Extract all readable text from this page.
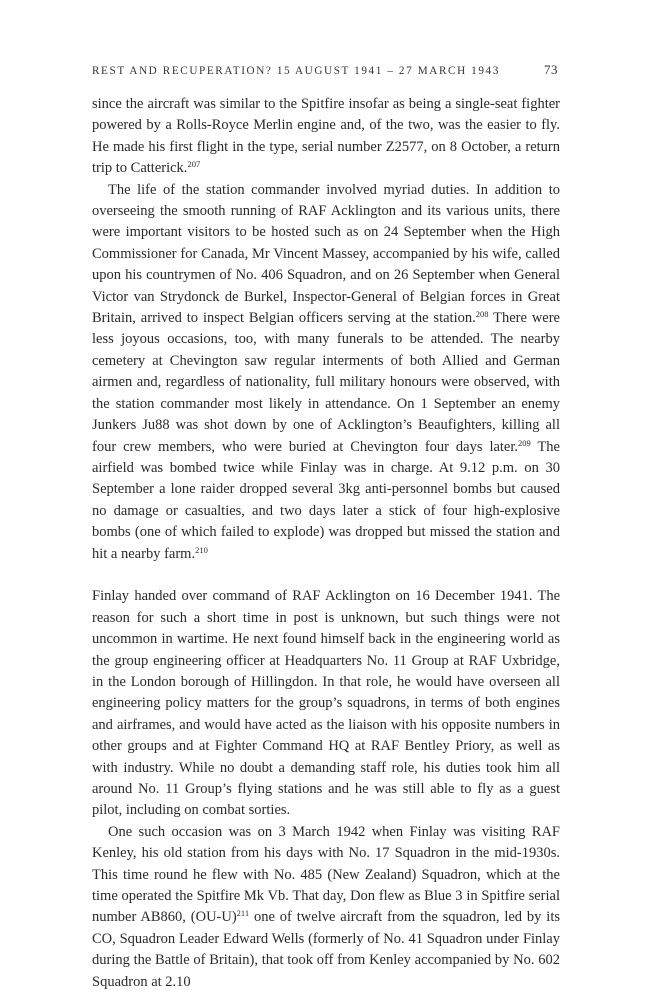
REST AND RECUPERATION? 15 AUGUST 1941 – 27 MARCH 1943	73

since the aircraft was similar to the Spitfire insofar as being a single-seat fighter powered by a Rolls-Royce Merlin engine and, of the two, was the easier to fly. He made his first flight in the type, serial number Z2577, on 8 October, a return trip to Catterick.$^{207}$

The life of the station commander involved myriad duties. In addition to overseeing the smooth running of RAF Acklington and its various units, there were important visitors to be hosted such as on 24 September when the High Commissioner for Canada, Mr Vincent Massey, accompanied by his wife, called upon his countrymen of No. 406 Squadron, and on 26 September when General Victor van Strydonck de Burkel, Inspector-General of Belgian forces in Great Britain, arrived to inspect Belgian officers serving at the station.$^{208}$ There were less joyous occasions, too, with many funerals to be attended. The nearby cemetery at Chevington saw regular interments of both Allied and German airmen and, regardless of nationality, full military honours were observed, with the station commander most likely in attendance. On 1 September an enemy Junkers Ju88 was shot down by one of Acklington’s Beaufighters, killing all four crew members, who were buried at Chevington four days later.$^{209}$ The airfield was bombed twice while Finlay was in charge. At 9.12 p.m. on 30 September a lone raider dropped several 3kg anti-personnel bombs but caused no damage or casualties, and two days later a stick of four high-explosive bombs (one of which failed to explode) was dropped but missed the station and hit a nearby farm.$^{210}$

Finlay handed over command of RAF Acklington on 16 December 1941. The reason for such a short time in post is unknown, but such things were not uncommon in wartime. He next found himself back in the engineering world as the group engineering officer at Headquarters No. 11 Group at RAF Uxbridge, in the London borough of Hillingdon. In that role, he would have overseen all engineering policy matters for the group’s squadrons, in terms of both engines and airframes, and would have acted as the liaison with his opposite numbers in other groups and at Fighter Command HQ at RAF Bentley Priory, as well as with industry. While no doubt a demanding staff role, his duties took him all around No. 11 Group’s flying stations and he was still able to fly as a guest pilot, including on combat sorties.

One such occasion was on 3 March 1942 when Finlay was visiting RAF Kenley, his old station from his days with No. 17 Squadron in the mid-1930s. This time round he flew with No. 485 (New Zealand) Squadron, which at the time operated the Spitfire Mk Vb. That day, Don flew as Blue 3 in Spitfire serial number AB860, $(OU-U)^{211}$ one of twelve aircraft from the squadron, led by its CO, Squadron Leader Edward Wells (formerly of No. 41 Squadron under Finlay during the Battle of Britain), that took off from Kenley accompanied by No. 602 Squadron at 2.10
